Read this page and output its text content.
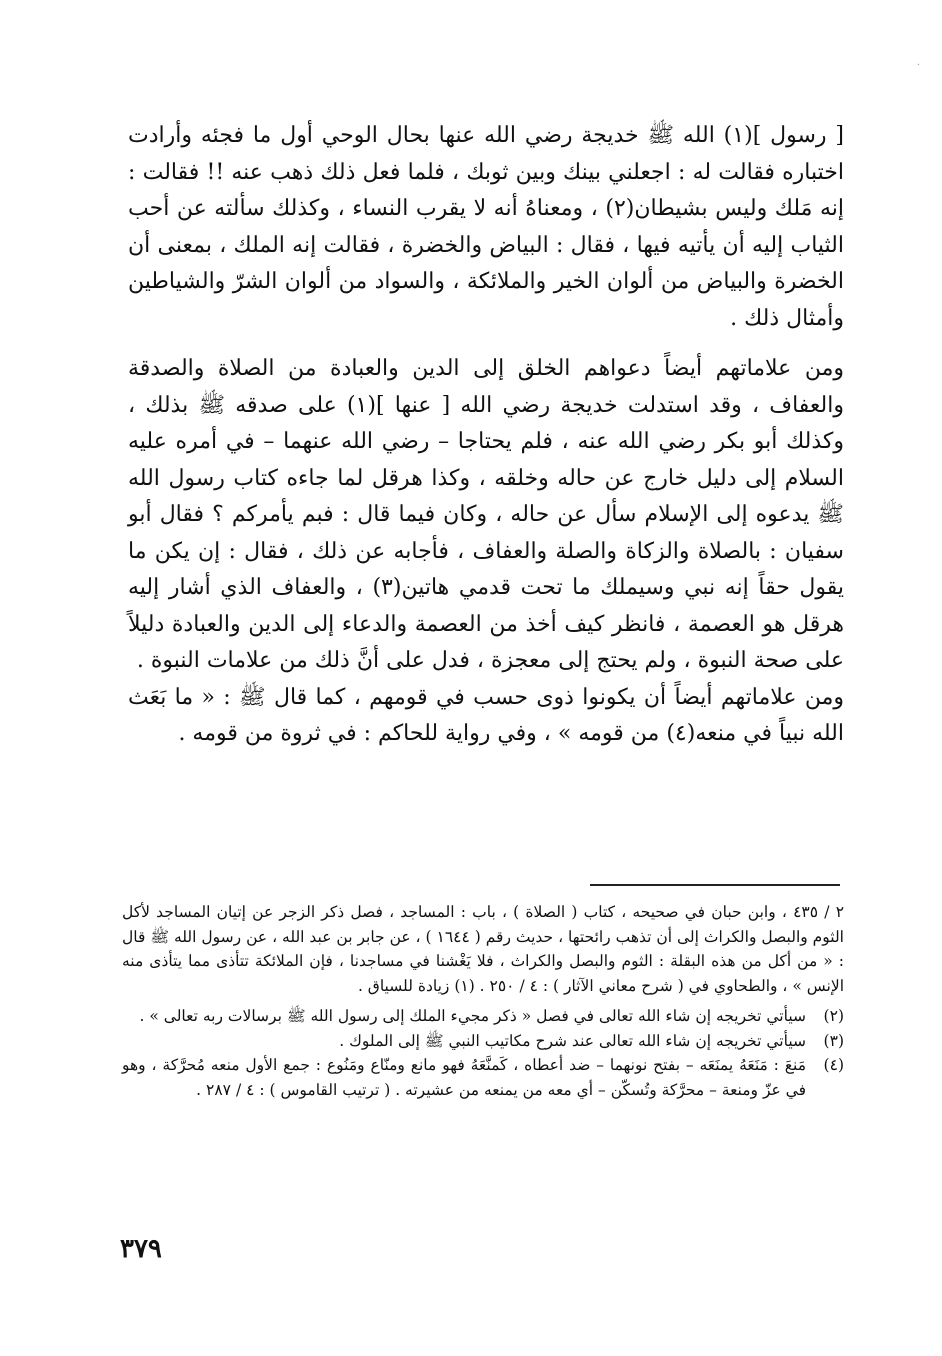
·

[ رسول ](١) الله ﷺ خديجة رضي الله عنها بحال الوحي أول ما فجئه وأرادت اختباره فقالت له : اجعلني بينك وبين ثوبك ، فلما فعل ذلك ذهب عنه !! فقالت : إنه مَلك وليس بشيطان(٢) ، ومعناهُ أنه لا يقرب النساء ، وكذلك سألته عن أحب الثياب إليه أن يأتيه فيها ، فقال : البياض والخضرة ، فقالت إنه الملك ، بمعنى أن الخضرة والبياض من ألوان الخير والملائكة ، والسواد من ألوان الشرّ والشياطين وأمثال ذلك .

ومن علاماتهم أيضاً دعواهم الخلق إلى الدين والعبادة من الصلاة والصدقة والعفاف ، وقد استدلت خديجة رضي الله [ عنها ](١) على صدقه ﷺ بذلك ، وكذلك أبو بكر رضي الله عنه ، فلم يحتاجا – رضي الله عنهما – في أمره عليه السلام إلى دليل خارج عن حاله وخلقه ، وكذا هرقل لما جاءه كتاب رسول الله ﷺ يدعوه إلى الإسلام سأل عن حاله ، وكان فيما قال : فبم يأمركم ؟ فقال أبو سفيان : بالصلاة والزكاة والصلة والعفاف ، فأجابه عن ذلك ، فقال : إن يكن ما يقول حقاً إنه نبي وسيملك ما تحت قدمي هاتين(٣) ، والعفاف الذي أشار إليه هرقل هو العصمة ، فانظر كيف أخذ من العصمة والدعاء إلى الدين والعبادة دليلاً على صحة النبوة ، ولم يحتج إلى معجزة ، فدل على أنَّ ذلك من علامات النبوة .

ومن علاماتهم أيضاً أن يكونوا ذوى حسب في قومهم ، كما قال ﷺ : « ما بَعَث الله نبياً في منعه(٤) من قومه » ، وفي رواية للحاكم : في ثروة من قومه .

٢ / ٤٣٥ ، وابن حبان في صحيحه ، كتاب ( الصلاة ) ، باب : المساجد ، فصل ذكر الزجر عن إتيان المساجد لأكل الثوم والبصل والكراث إلى أن تذهب رائحتها ، حديث رقم ( ١٦٤٤ ) ، عن جابر بن عبد الله ، عن رسول الله ﷺ قال : « من أكل من هذه البقلة : الثوم والبصل والكراث ، فلا يَغْشنا في مساجدنا ، فإن الملائكة تتأذى مما يتأذى منه الإنس » ، والطحاوي في ( شرح معاني الآثار ) : ٤ / ٢٥٠ . (١) زيادة للسياق .

(٢)
سيأتي تخريجه إن شاء الله تعالى في فصل « ذكر مجيء الملك إلى رسول الله ﷺ برسالات ربه تعالى » .
(٣)
سيأتي تخريجه إن شاء الله تعالى عند شرح مكاتيب النبي ﷺ إلى الملوك .
(٤)
مَنعَ : مَنَعَهُ يمنَعَه – بفتح نونهما – ضد أعطاه ، كَمنَّعَهُ فهو مانع ومنّاع ومَنُوع : جمع الأول منعه مُحرَّكة ، وهو في عزّ ومنعة – محرَّكة وتُسكّن – أي معه من يمنعه من عشيرته . ( ترتيب القاموس ) : ٤ / ٢٨٧ .
٣٧٩
